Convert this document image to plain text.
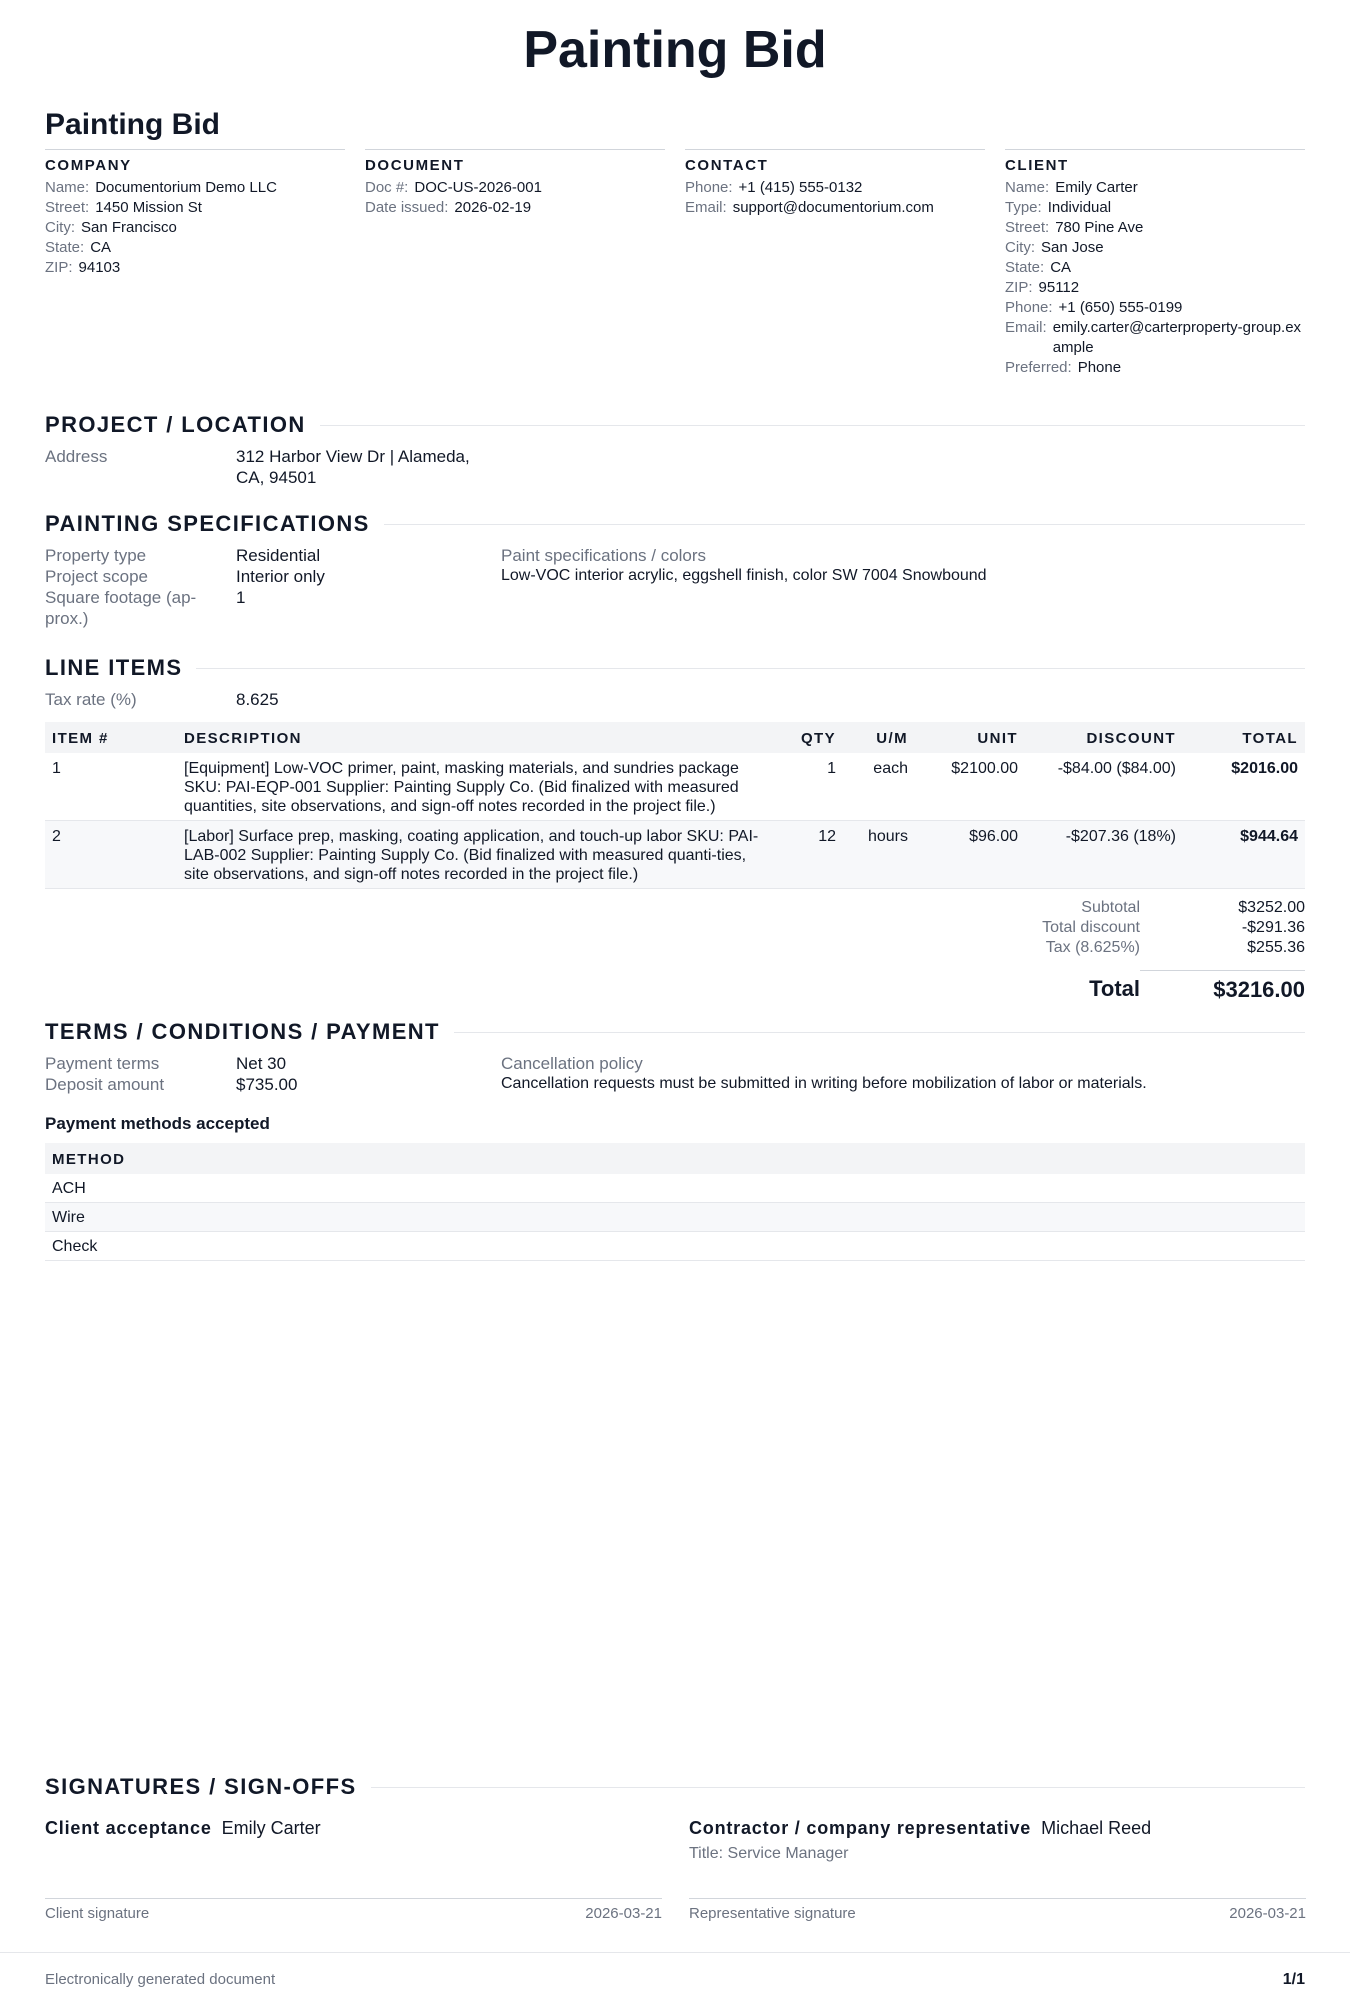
Painting Bid
Painting Bid
COMPANY
Name: Documentorium Demo LLC
Street: 1450 Mission St
City: San Francisco
State: CA
ZIP: 94103
DOCUMENT
Doc #: DOC-US-2026-001
Date issued: 2026-02-19
CONTACT
Phone: +1 (415) 555-0132
Email: support@documentorium.com
CLIENT
Name: Emily Carter
Type: Individual
Street: 780 Pine Ave
City: San Jose
State: CA
ZIP: 95112
Phone: +1 (650) 555-0199
Email: emily.carter@carterproperty-group.example
Preferred: Phone
PROJECT / LOCATION
Address	312 Harbor View Dr | Alameda, CA, 94501
PAINTING SPECIFICATIONS
Property type	Residential
Project scope	Interior only
Square footage (ap-prox.)
1
Paint specifications / colors
Low-VOC interior acrylic, eggshell finish, color SW 7004 Snowbound
LINE ITEMS
Tax rate (%)	8.625
ITEM #	DESCRIPTION	QTY	U/M	UNIT	DISCOUNT	TOTAL
1	[Equipment] Low-VOC primer, paint, masking materials, and sundries package SKU: PAI-EQP-001 Supplier: Painting Supply Co. (Bid finalized with measured quantities, site observations, and sign-off notes recorded in the project file.)	1	each	$2100.00	-$84.00 ($84.00)	$2016.00
2	[Labor] Surface prep, masking, coating application, and touch-up labor SKU: PAI-LAB-002 Supplier: Painting Supply Co. (Bid finalized with measured quanti-ties, site observations, and sign-off notes recorded in the project file.)	12	hours	$96.00	-$207.36 (18%)	$944.64
Subtotal	$3252.00
Total discount	-$291.36
Tax (8.625%)	$255.36
Total	$3216.00
TERMS / CONDITIONS / PAYMENT
Payment terms	Net 30
Deposit amount	$735.00
Cancellation policy
Cancellation requests must be submitted in writing before mobilization of labor or materials.
Payment methods accepted
METHOD
ACH
Wire
Check
SIGNATURES / SIGN-OFFS
Client acceptance Emily Carter
Client signature	2026-03-21
Contractor / company representative Michael Reed
Title: Service Manager
Representative signature	2026-03-21
Electronically generated document	1/1
